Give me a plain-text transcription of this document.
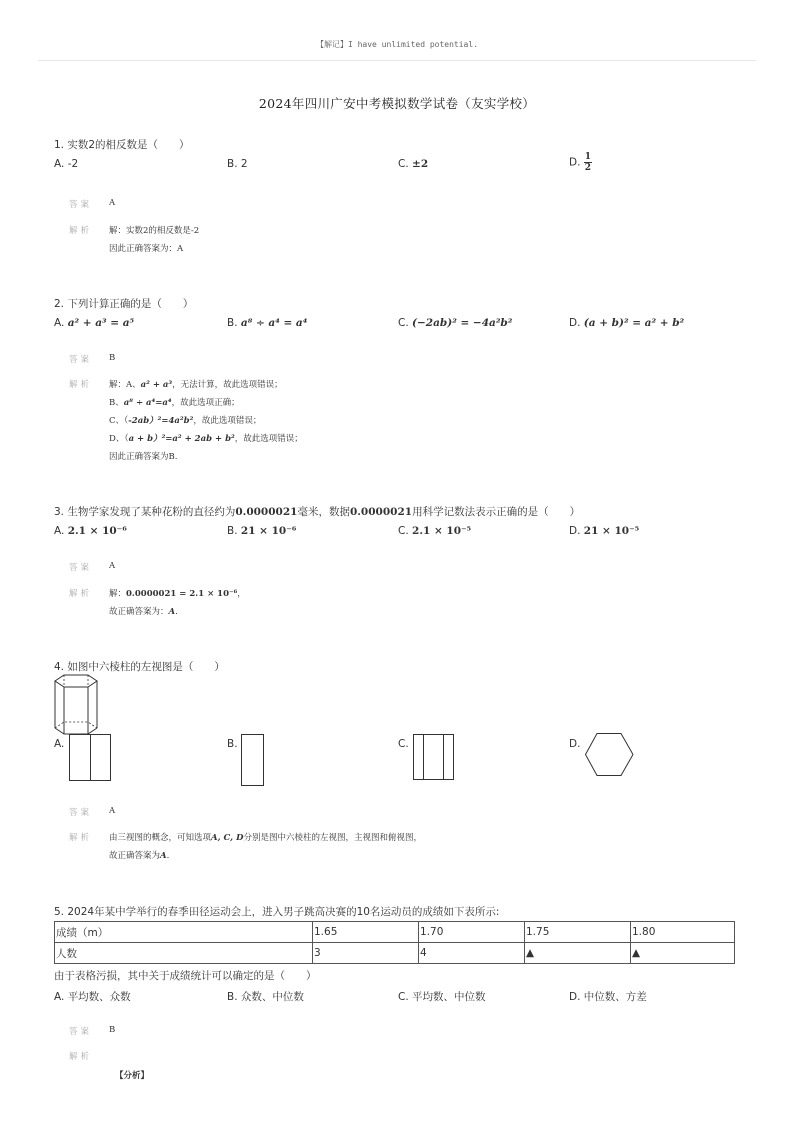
【解记】I have unlimited potential.
2024年四川广安中考模拟数学试卷（友实学校）
1. 实数2的相反数是（　　）
A. -2	B. 2	C. ±2	D. $\frac{1}{2}$
答案 A
解析 解：实数2的相反数是-2
因此正确答案为：A
2. 下列计算正确的是（　　）
A. a² + a³ = a⁵	B. a⁸ ÷ a⁴ = a⁴	C. (−2ab)² = −4a²b²	D. (a + b)² = a² + b²
答案 B
解析 解：A、a² + a³，无法计算，故此选项错误；
B、a⁸ ÷ a⁴=a⁴，故此选项正确；
C、（-2ab）²=4a²b²，故此选项错误；
D、（a + b）²=a² + 2ab + b²，故此选项错误；
因此正确答案为B.
3. 生物学家发现了某种花粉的直径约为0.0000021毫米，数据0.0000021用科学记数法表示正确的是（　　）
A. 2.1 × 10⁻⁶	B. 21 × 10⁻⁶	C. 2.1 × 10⁻⁵	D. 21 × 10⁻⁵
答案 A
解析 解：0.0000021 = 2.1 × 10⁻⁶，
故正确答案为：A.
4. 如图中六棱柱的左视图是（　　）
A.	B.	C.	D.
答案 A
解析 由三视图的概念，可知选项A, C, D分别是图中六棱柱的左视图，主视图和俯视图，
故正确答案为A.
5. 2024年某中学举行的春季田径运动会上，进入男子跳高决赛的10名运动员的成绩如下表所示:
成绩（m）	1.65	1.70	1.75	1.80
人数	3	4	▲	▲
由于表格污损，其中关于成绩统计可以确定的是（　　）
A. 平均数、众数	B. 众数、中位数	C. 平均数、中位数	D. 中位数、方差
答案 B
解析
【分析】
